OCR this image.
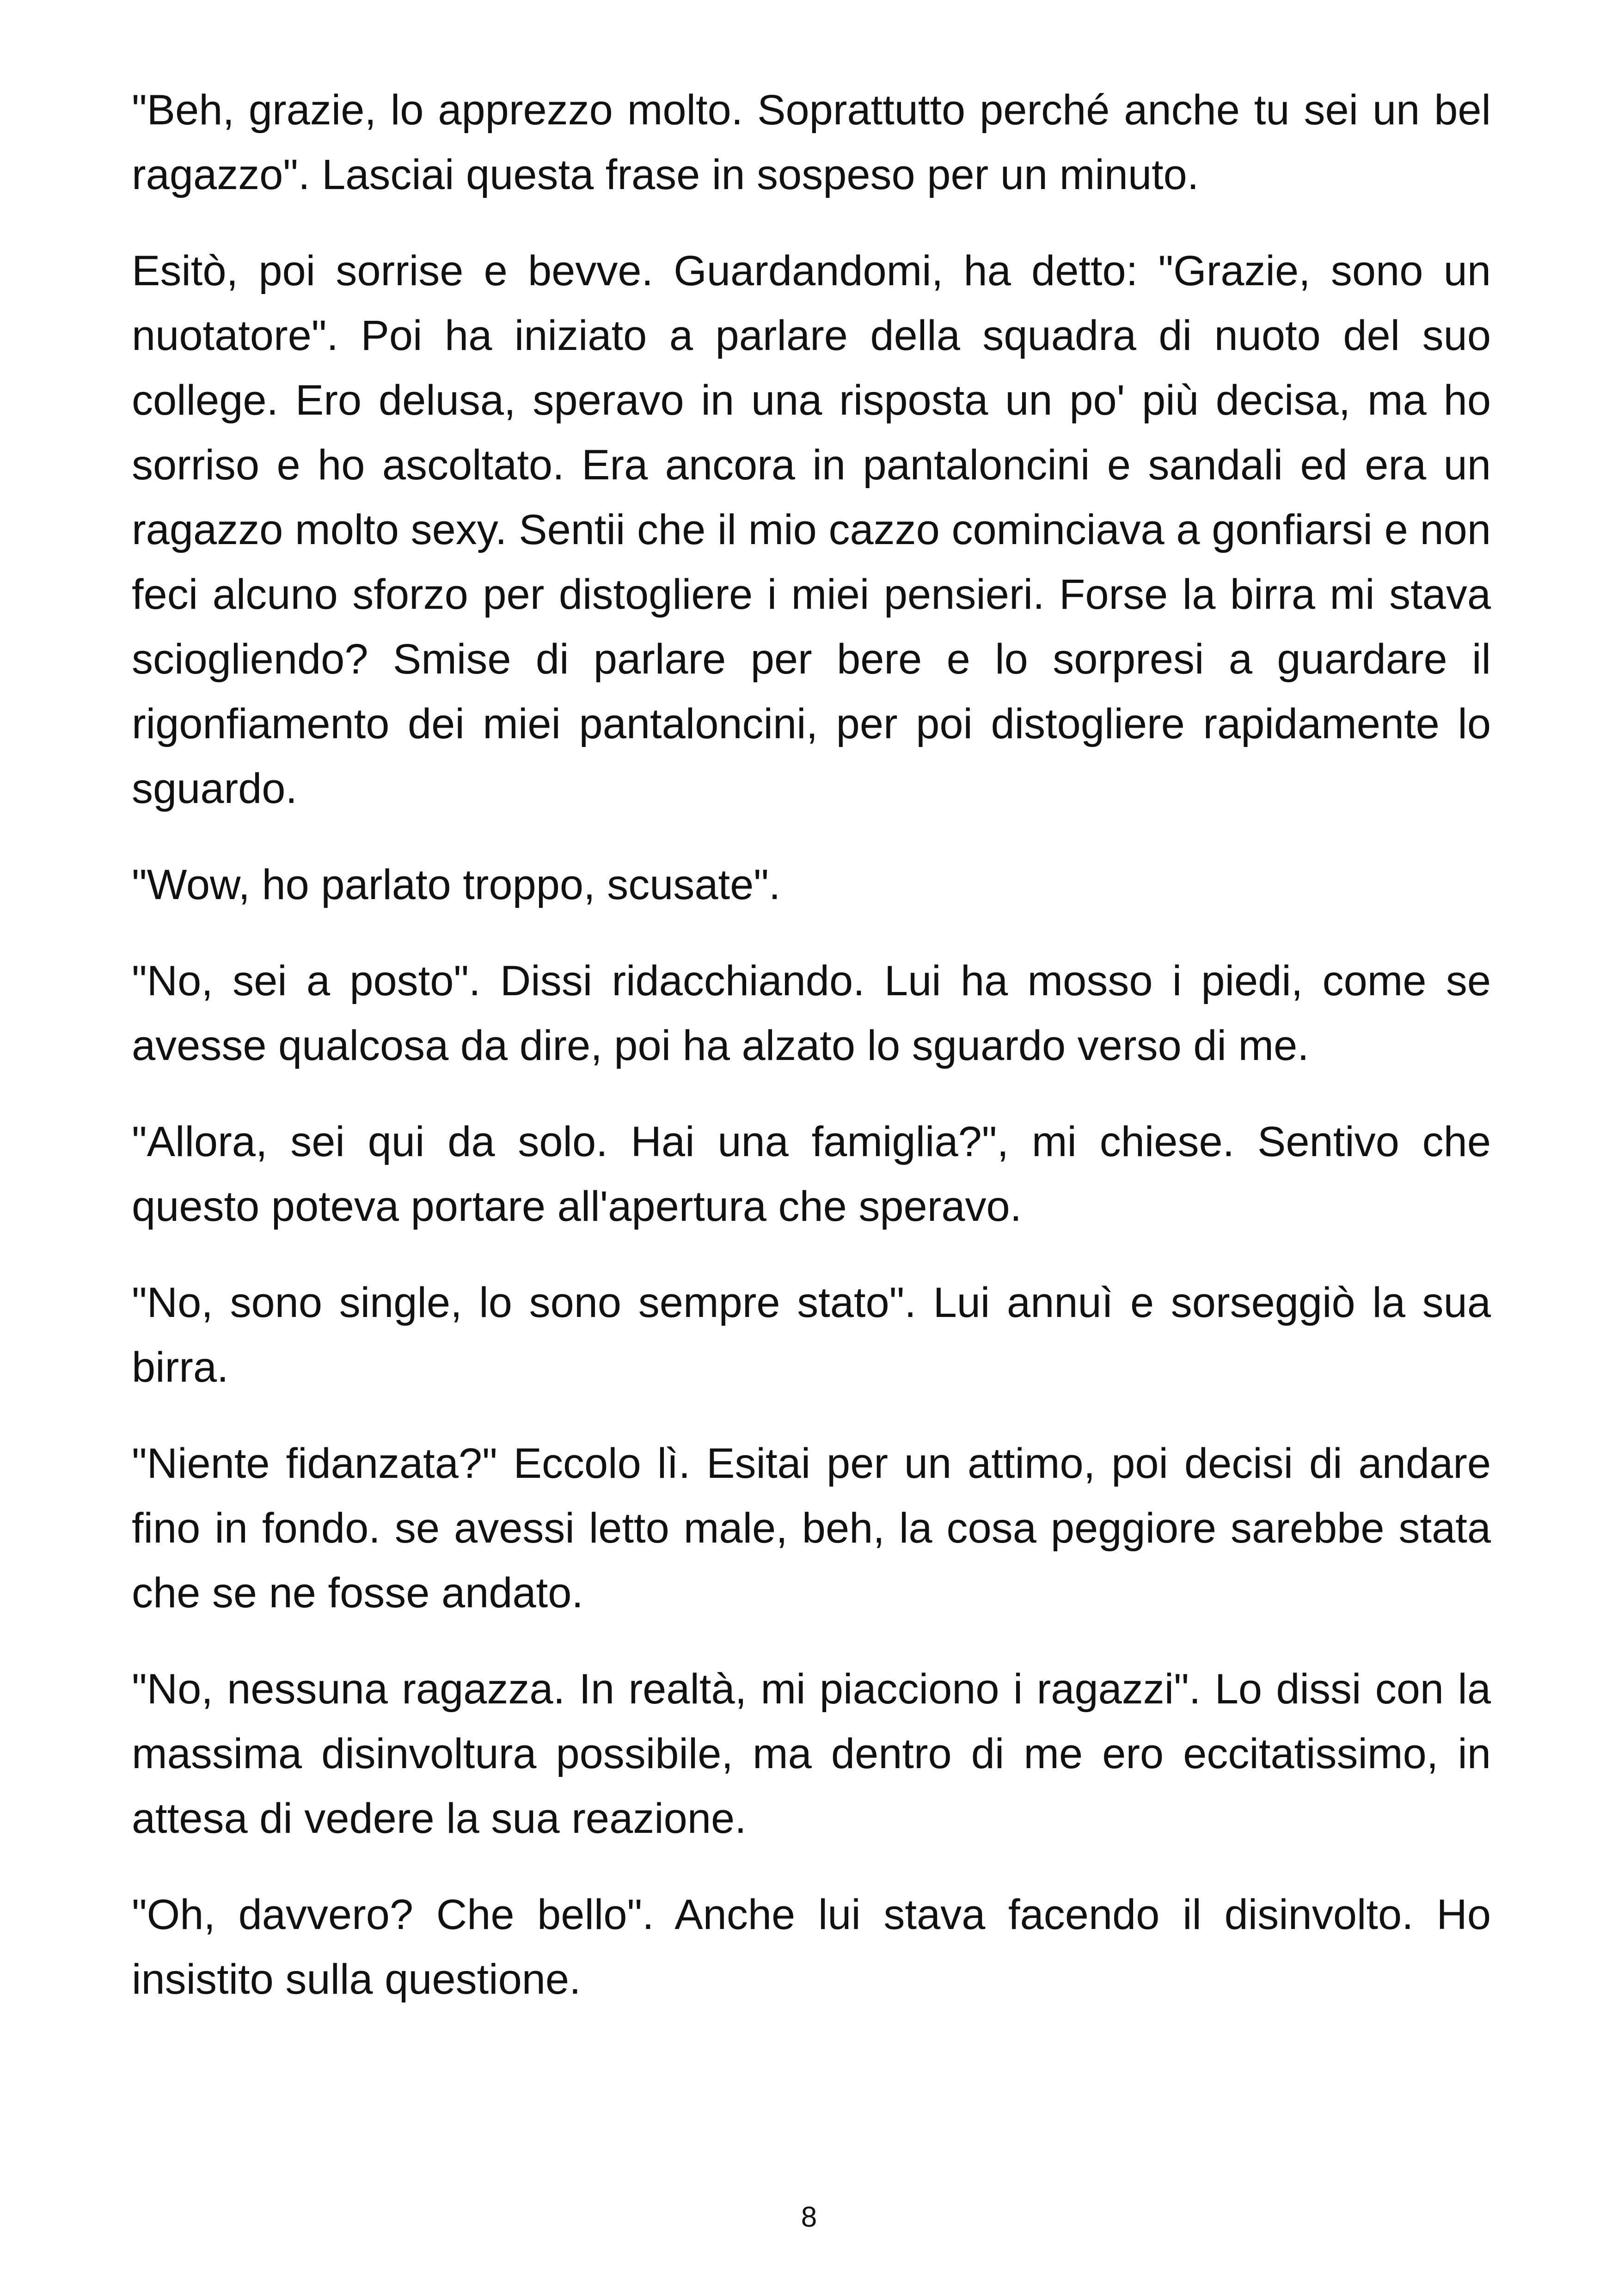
"Beh, grazie, lo apprezzo molto. Soprattutto perché anche tu sei un bel ragazzo". Lasciai questa frase in sospeso per un minuto.

Esitò, poi sorrise e bevve. Guardandomi, ha detto: "Grazie, sono un nuotatore". Poi ha iniziato a parlare della squadra di nuoto del suo college. Ero delusa, speravo in una risposta un po' più decisa, ma ho sorriso e ho ascoltato. Era ancora in pantaloncini e sandali ed era un ragazzo molto sexy. Sentii che il mio cazzo cominciava a gonfiarsi e non feci alcuno sforzo per distogliere i miei pensieri. Forse la birra mi stava sciogliendo? Smise di parlare per bere e lo sorpresi a guardare il rigonfiamento dei miei pantaloncini, per poi distogliere rapidamente lo sguardo.

"Wow, ho parlato troppo, scusate".

"No, sei a posto". Dissi ridacchiando. Lui ha mosso i piedi, come se avesse qualcosa da dire, poi ha alzato lo sguardo verso di me.

"Allora, sei qui da solo. Hai una famiglia?", mi chiese. Sentivo che questo poteva portare all'apertura che speravo.

"No, sono single, lo sono sempre stato". Lui annuì e sorseggiò la sua birra.

"Niente fidanzata?" Eccolo lì. Esitai per un attimo, poi decisi di andare fino in fondo. se avessi letto male, beh, la cosa peggiore sarebbe stata che se ne fosse andato.

"No, nessuna ragazza. In realtà, mi piacciono i ragazzi". Lo dissi con la massima disinvoltura possibile, ma dentro di me ero eccitatissimo, in attesa di vedere la sua reazione.

"Oh, davvero? Che bello". Anche lui stava facendo il disinvolto. Ho insistito sulla questione.

8
